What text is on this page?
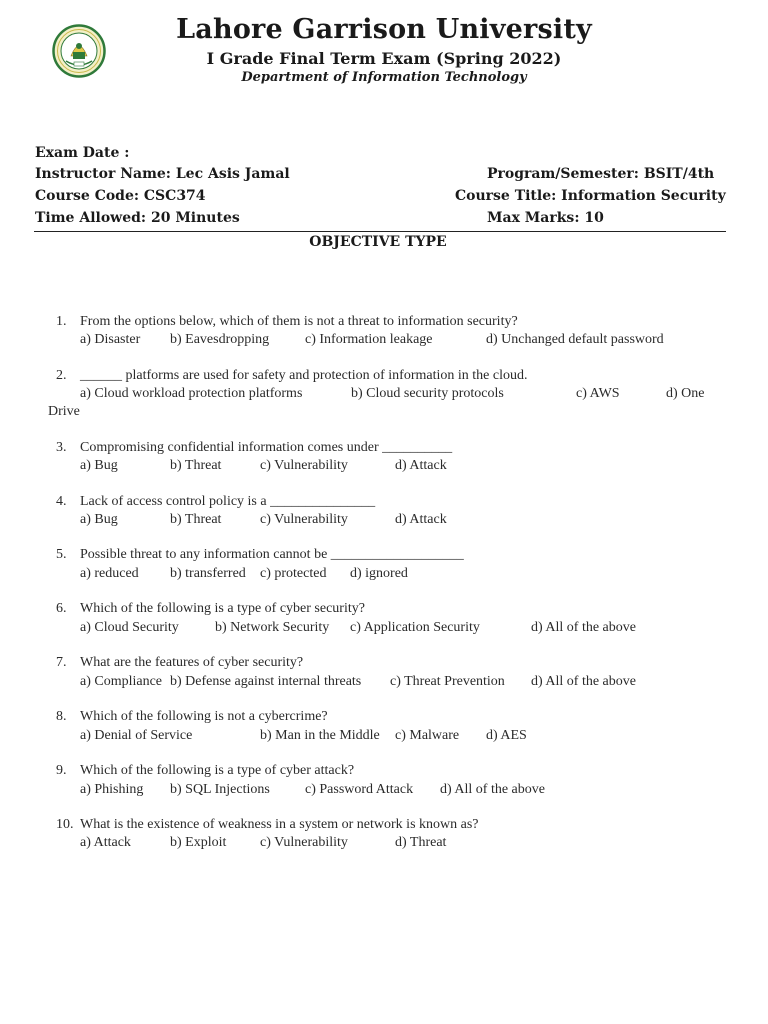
Lahore Garrison University
I Grade Final Term Exam (Spring 2022)
Department of Information Technology
Exam Date :
Instructor Name: Lec Asis Jamal	Program/Semester: BSIT/4th
Course Code: CSC374	Course Title: Information Security
Time Allowed: 20 Minutes	Max Marks: 10
OBJECTIVE TYPE
1. From the options below, which of them is not a threat to information security?
a) Disaster b) Eavesdropping	c) Information leakage	d) Unchanged default password
2. ______ platforms are used for safety and protection of information in the cloud.
a) Cloud workload protection platforms	b) Cloud security protocols	c) AWS	d) One
Drive
3. Compromising confidential information comes under __________
a) Bug	b) Threat	c) Vulnerability	d) Attack
4. Lack of access control policy is a _______________
a) Bug	b) Threat	c) Vulnerability	d) Attack
5. Possible threat to any information cannot be ___________________
a) reduced b) transferred c) protected d) ignored
6. Which of the following is a type of cyber security?
a) Cloud Security	b) Network Security c) Application Security	d) All of the above
7. What are the features of cyber security?
a) Compliance b) Defense against internal threats c) Threat Prevention d) All of the above
8. Which of the following is not a cybercrime?
a) Denial of Service	b) Man in the Middle c) Malware d) AES
9. Which of the following is a type of cyber attack?
a) Phishing b) SQL Injections	c) Password Attack d) All of the above
10. What is the existence of weakness in a system or network is known as?
a) Attack	b) Exploit c) Vulnerability	d) Threat
